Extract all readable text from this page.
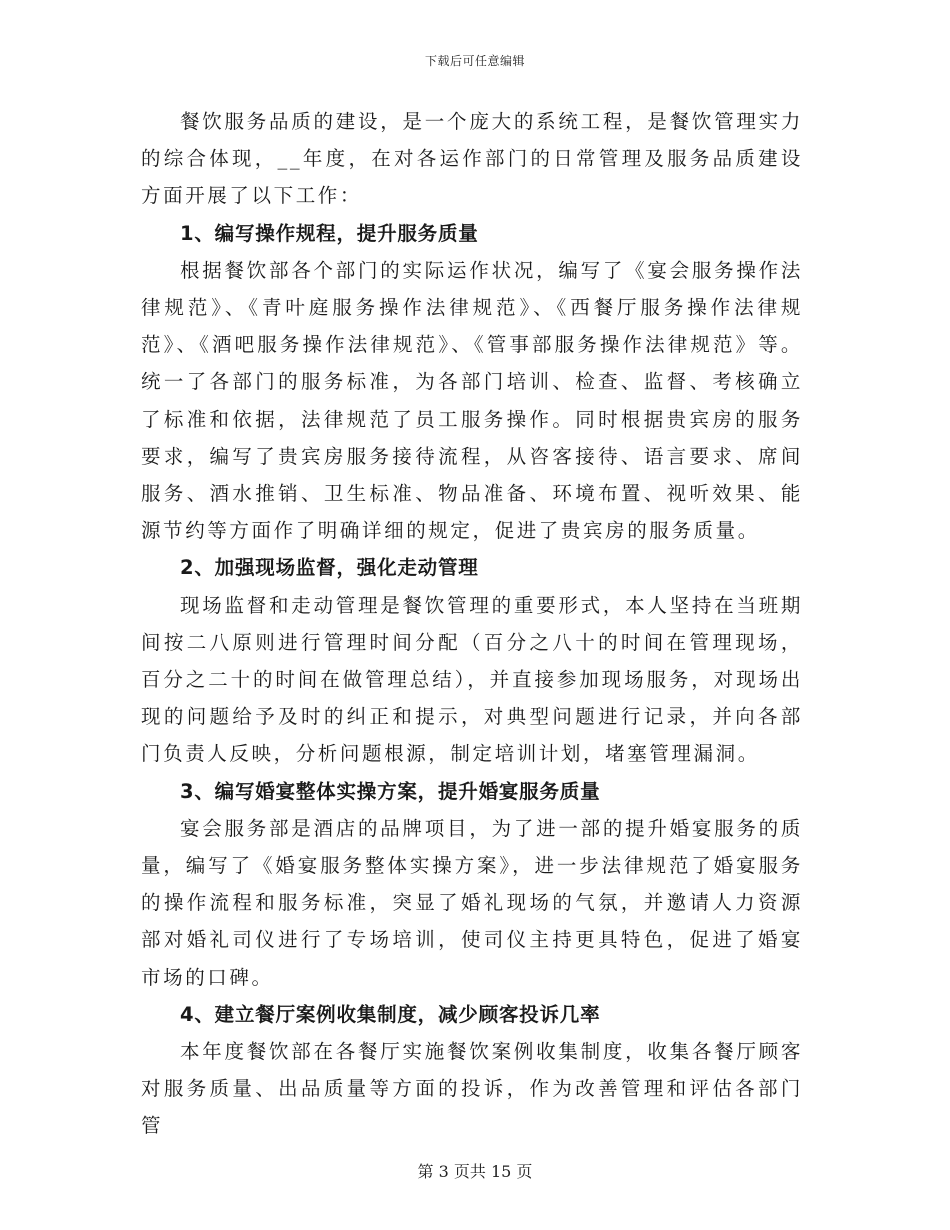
下载后可任意编辑

餐饮服务品质的建设，是一个庞大的系统工程，是餐饮管理实力的综合体现，__年度，在对各运作部门的日常管理及服务品质建设方面开展了以下工作：

1、编写操作规程，提升服务质量

根据餐饮部各个部门的实际运作状况，编写了《宴会服务操作法律规范》、《青叶庭服务操作法律规范》、《西餐厅服务操作法律规范》、《酒吧服务操作法律规范》、《管事部服务操作法律规范》等。统一了各部门的服务标准，为各部门培训、检查、监督、考核确立了标准和依据，法律规范了员工服务操作。同时根据贵宾房的服务要求，编写了贵宾房服务接待流程，从咨客接待、语言要求、席间服务、酒水推销、卫生标准、物品准备、环境布置、视听效果、能源节约等方面作了明确详细的规定，促进了贵宾房的服务质量。

2、加强现场监督，强化走动管理

现场监督和走动管理是餐饮管理的重要形式，本人坚持在当班期间按二八原则进行管理时间分配（百分之八十的时间在管理现场，百分之二十的时间在做管理总结），并直接参加现场服务，对现场出现的问题给予及时的纠正和提示，对典型问题进行记录，并向各部门负责人反映，分析问题根源，制定培训计划，堵塞管理漏洞。

3、编写婚宴整体实操方案，提升婚宴服务质量

宴会服务部是酒店的品牌项目，为了进一部的提升婚宴服务的质量，编写了《婚宴服务整体实操方案》，进一步法律规范了婚宴服务的操作流程和服务标准，突显了婚礼现场的气氛，并邀请人力资源部对婚礼司仪进行了专场培训，使司仪主持更具特色，促进了婚宴市场的口碑。

4、建立餐厅案例收集制度，减少顾客投诉几率

本年度餐饮部在各餐厅实施餐饮案例收集制度，收集各餐厅顾客对服务质量、出品质量等方面的投诉，作为改善管理和评估各部门管

第 3 页共 15 页
